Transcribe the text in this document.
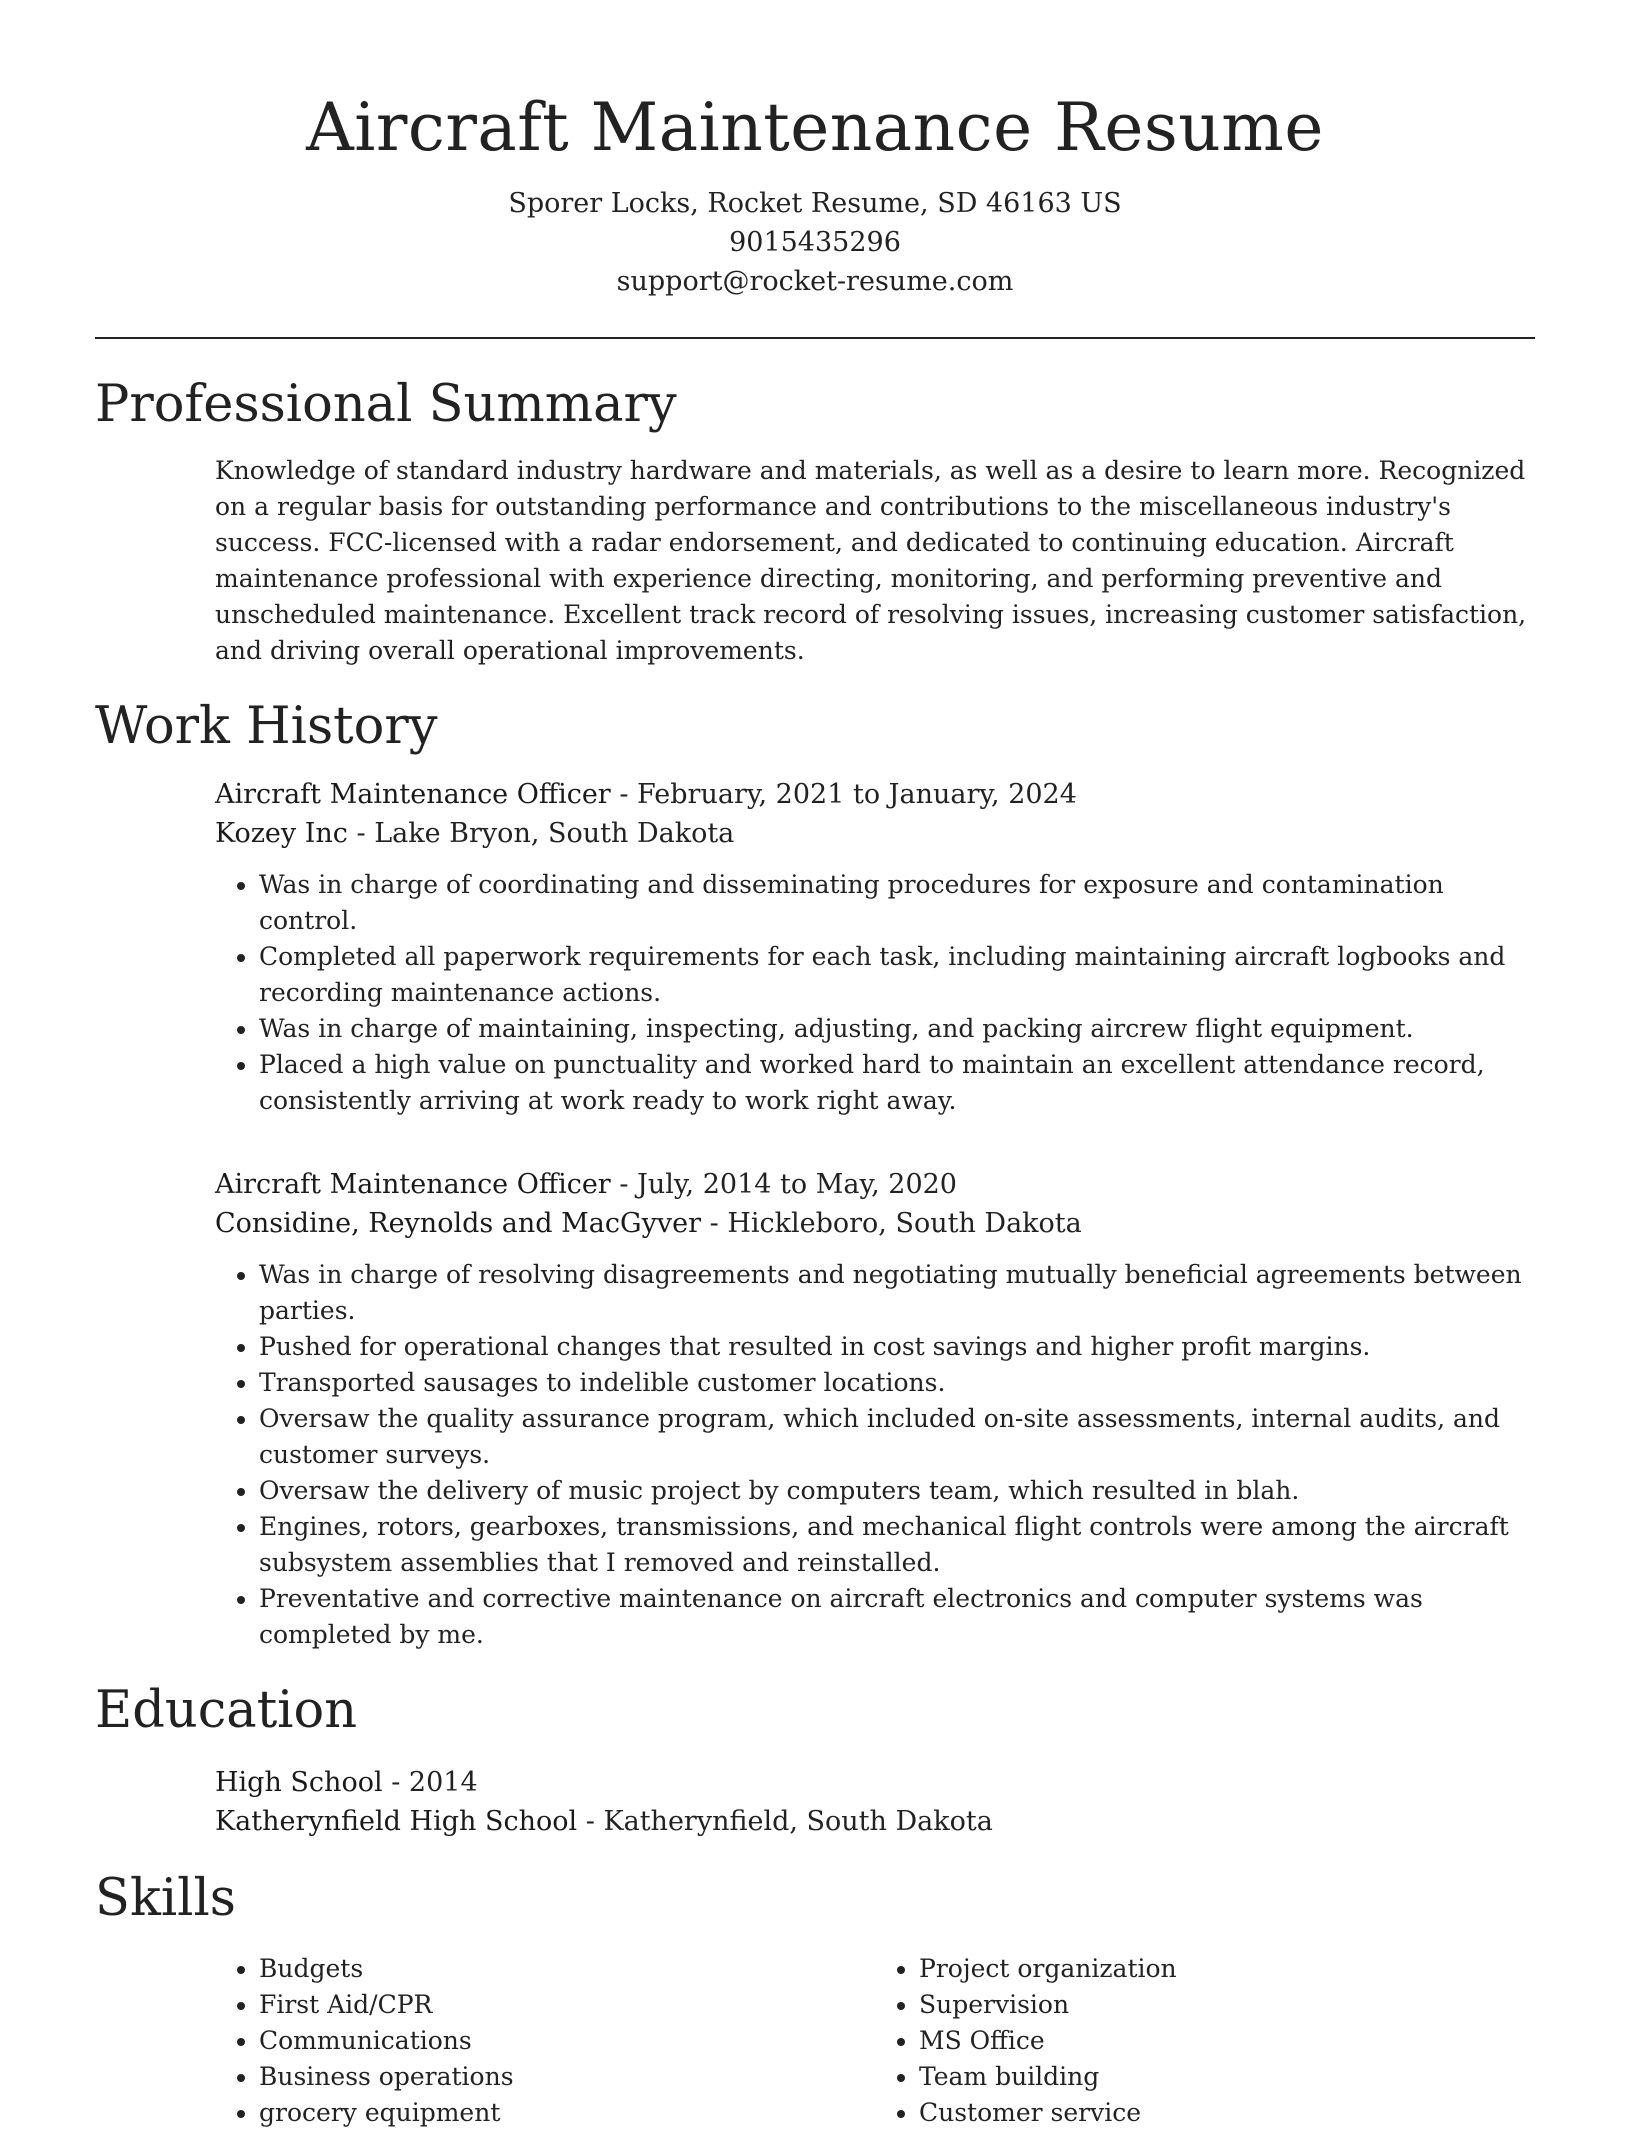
Aircraft Maintenance Resume
Sporer Locks, Rocket Resume, SD 46163 US
9015435296
support@rocket-resume.com
Professional Summary
Knowledge of standard industry hardware and materials, as well as a desire to learn more. Recognized on a regular basis for outstanding performance and contributions to the miscellaneous industry's success. FCC-licensed with a radar endorsement, and dedicated to continuing education. Aircraft maintenance professional with experience directing, monitoring, and performing preventive and unscheduled maintenance. Excellent track record of resolving issues, increasing customer satisfaction, and driving overall operational improvements.
Work History
Aircraft Maintenance Officer - February, 2021 to January, 2024
Kozey Inc - Lake Bryon, South Dakota
• Was in charge of coordinating and disseminating procedures for exposure and contamination control.
• Completed all paperwork requirements for each task, including maintaining aircraft logbooks and recording maintenance actions.
• Was in charge of maintaining, inspecting, adjusting, and packing aircrew flight equipment.
• Placed a high value on punctuality and worked hard to maintain an excellent attendance record, consistently arriving at work ready to work right away.
Aircraft Maintenance Officer - July, 2014 to May, 2020
Considine, Reynolds and MacGyver - Hickleboro, South Dakota
• Was in charge of resolving disagreements and negotiating mutually beneficial agreements between parties.
• Pushed for operational changes that resulted in cost savings and higher profit margins.
• Transported sausages to indelible customer locations.
• Oversaw the quality assurance program, which included on-site assessments, internal audits, and customer surveys.
• Oversaw the delivery of music project by computers team, which resulted in blah.
• Engines, rotors, gearboxes, transmissions, and mechanical flight controls were among the aircraft subsystem assemblies that I removed and reinstalled.
• Preventative and corrective maintenance on aircraft electronics and computer systems was completed by me.
Education
High School - 2014
Katherynfield High School - Katherynfield, South Dakota
Skills
• Budgets
• First Aid/CPR
• Communications
• Business operations
• grocery equipment
• Project organization
• Supervision
• MS Office
• Team building
• Customer service
